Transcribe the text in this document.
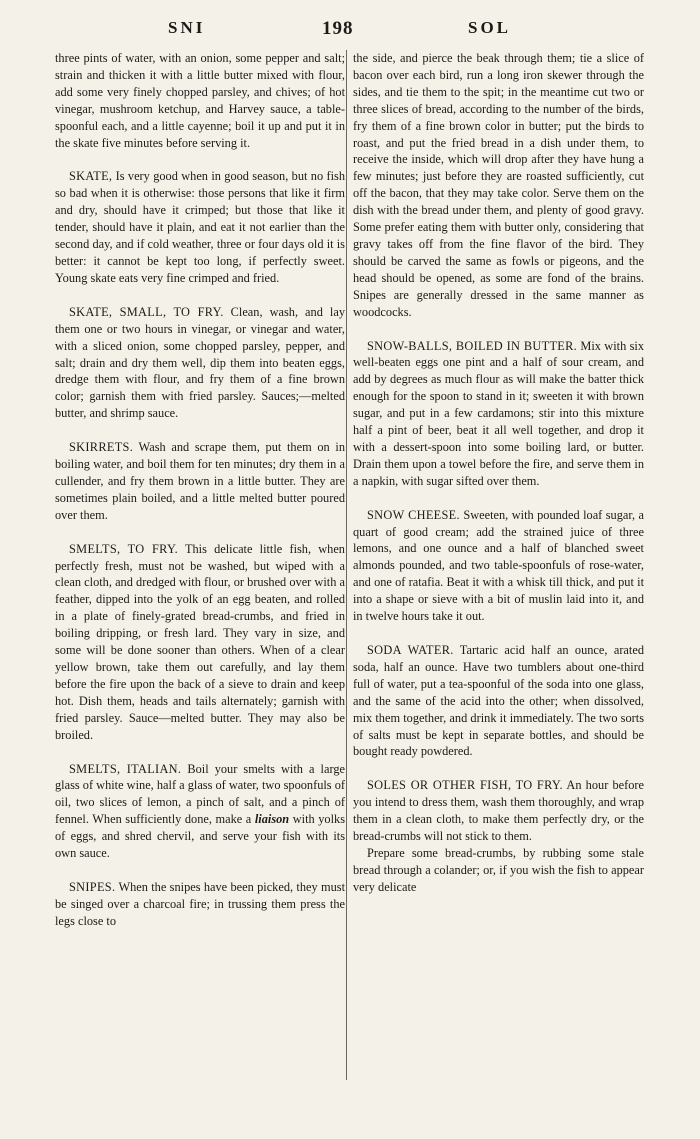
SNI	198	SOL

three pints of water, with an onion, some pepper and salt; strain and thicken it with a little butter mixed with flour, add some very finely chopped parsley, and chives; of hot vinegar, mushroom ketchup, and Harvey sauce, a table-spoonful each, and a little cayenne; boil it up and put it in the skate five minutes before serving it.

SKATE, Is very good when in good season, but no fish so bad when it is otherwise: those persons that like it firm and dry, should have it crimped; but those that like it tender, should have it plain, and eat it not earlier than the second day, and if cold weather, three or four days old it is better: it cannot be kept too long, if perfectly sweet. Young skate eats very fine crimped and fried.

SKATE, SMALL, TO FRY. Clean, wash, and lay them one or two hours in vinegar, or vinegar and water, with a sliced onion, some chopped parsley, pepper, and salt; drain and dry them well, dip them into beaten eggs, dredge them with flour, and fry them of a fine brown color; garnish them with fried parsley. Sauces;—melted butter, and shrimp sauce.

SKIRRETS. Wash and scrape them, put them on in boiling water, and boil them for ten minutes; dry them in a cullender, and fry them brown in a little butter. They are sometimes plain boiled, and a little melted butter poured over them.

SMELTS, TO FRY. This delicate little fish, when perfectly fresh, must not be washed, but wiped with a clean cloth, and dredged with flour, or brushed over with a feather, dipped into the yolk of an egg beaten, and rolled in a plate of finely-grated bread-crumbs, and fried in boiling dripping, or fresh lard. They vary in size, and some will be done sooner than others. When of a clear yellow brown, take them out carefully, and lay them before the fire upon the back of a sieve to drain and keep hot. Dish them, heads and tails alternately; garnish with fried parsley. Sauce—melted butter. They may also be broiled.

SMELTS, ITALIAN. Boil your smelts with a large glass of white wine, half a glass of water, two spoonfuls of oil, two slices of lemon, a pinch of salt, and a pinch of fennel. When sufficiently done, make a liaison with yolks of eggs, and shred chervil, and serve your fish with its own sauce.

SNIPES. When the snipes have been picked, they must be singed over a charcoal fire; in trussing them press the legs close to

the side, and pierce the beak through them; tie a slice of bacon over each bird, run a long iron skewer through the sides, and tie them to the spit; in the meantime cut two or three slices of bread, according to the number of the birds, fry them of a fine brown color in butter; put the birds to roast, and put the fried bread in a dish under them, to receive the inside, which will drop after they have hung a few minutes; just before they are roasted sufficiently, cut off the bacon, that they may take color. Serve them on the dish with the bread under them, and plenty of good gravy. Some prefer eating them with butter only, considering that gravy takes off from the fine flavor of the bird. They should be carved the same as fowls or pigeons, and the head should be opened, as some are fond of the brains. Snipes are generally dressed in the same manner as woodcocks.

SNOW-BALLS, BOILED IN BUTTER. Mix with six well-beaten eggs one pint and a half of sour cream, and add by degrees as much flour as will make the batter thick enough for the spoon to stand in it; sweeten it with brown sugar, and put in a few cardamons; stir into this mixture half a pint of beer, beat it all well together, and drop it with a dessert-spoon into some boiling lard, or butter. Drain them upon a towel before the fire, and serve them in a napkin, with sugar sifted over them.

SNOW CHEESE. Sweeten, with pounded loaf sugar, a quart of good cream; add the strained juice of three lemons, and one ounce and a half of blanched sweet almonds pounded, and two table-spoonfuls of rose-water, and one of ratafia. Beat it with a whisk till thick, and put it into a shape or sieve with a bit of muslin laid into it, and in twelve hours take it out.

SODA WATER. Tartaric acid half an ounce, arated soda, half an ounce. Have two tumblers about one-third full of water, put a tea-spoonful of the soda into one glass, and the same of the acid into the other; when dissolved, mix them together, and drink it immediately. The two sorts of salts must be kept in separate bottles, and should be bought ready powdered.

SOLES OR OTHER FISH, TO FRY. An hour before you intend to dress them, wash them thoroughly, and wrap them in a clean cloth, to make them perfectly dry, or the bread-crumbs will not stick to them.

Prepare some bread-crumbs, by rubbing some stale bread through a colander; or, if you wish the fish to appear very delicate
